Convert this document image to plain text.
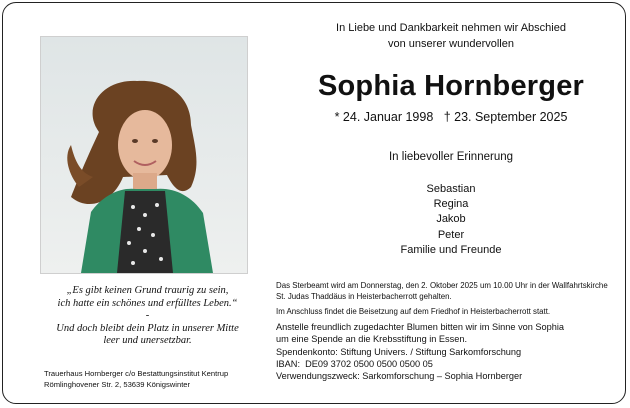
In Liebe und Dankbarkeit nehmen wir Abschied
von unserer wundervollen
Sophia Hornberger
* 24. Januar 1998   † 23. September 2025
In liebevoller Erinnerung
Sebastian
Regina
Jakob
Peter
Familie und Freunde
„Es gibt keinen Grund traurig zu sein,
ich hatte ein schönes und erfülltes Leben.“
-
Und doch bleibt dein Platz in unserer Mitte
leer und unersetzbar.
Trauerhaus Hornberger c/o Bestattungsinstitut Kentrup
Römlinghovener Str. 2, 53639 Königswinter

Das Sterbeamt wird am Donnerstag, den 2. Oktober 2025 um 10.00 Uhr in der Wallfahrtskirche St. Judas Thaddäus in Heisterbacherrott gehalten.

Im Anschluss findet die Beisetzung auf dem Friedhof in Heisterbacherrott statt.

Anstelle freundlich zugedachter Blumen bitten wir im Sinne von Sophia
um eine Spende an die Krebsstiftung in Essen.
Spendenkonto: Stiftung Univers. / Stiftung Sarkomforschung
IBAN:  DE09 3702 0500 0500 0500 05
Verwendungszweck: Sarkomforschung – Sophia Hornberger
